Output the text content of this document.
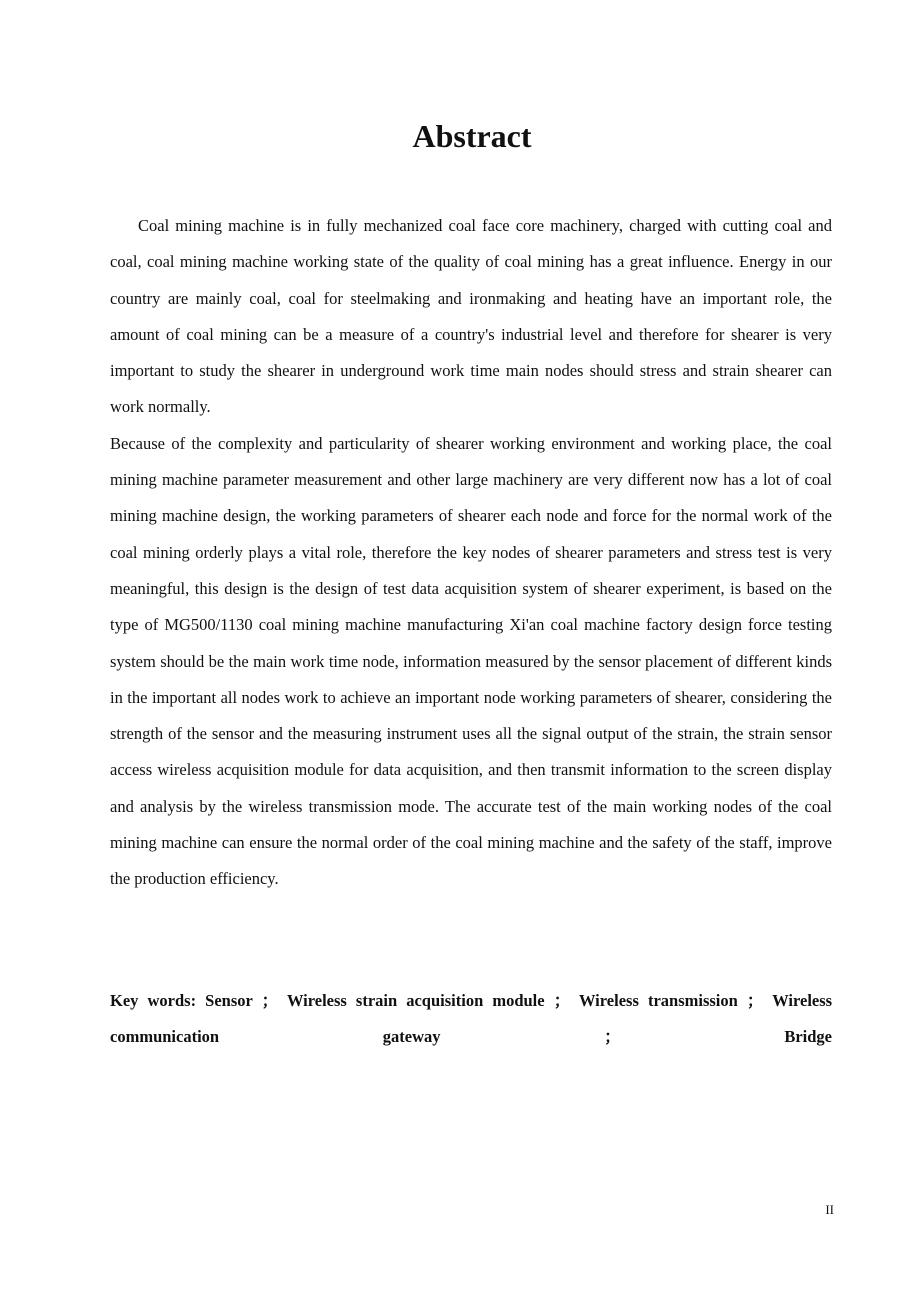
Abstract

Coal mining machine is in fully mechanized coal face core machinery, charged with cutting coal and coal, coal mining machine working state of the quality of coal mining has a great influence. Energy in our country are mainly coal, coal for steelmaking and ironmaking and heating have an important role, the amount of coal mining can be a measure of a country's industrial level and therefore for shearer is very important to study the shearer in underground work time main nodes should stress and strain shearer can work normally.

Because of the complexity and particularity of shearer working environment and working place, the coal mining machine parameter measurement and other large machinery are very different now has a lot of coal mining machine design, the working parameters of shearer each node and force for the normal work of the coal mining orderly plays a vital role, therefore the key nodes of shearer parameters and stress test is very meaningful, this design is the design of test data acquisition system of shearer experiment, is based on the type of MG500/1130 coal mining machine manufacturing Xi'an coal machine factory design force testing system should be the main work time node, information measured by the sensor placement of different kinds in the important all nodes work to achieve an important node working parameters of shearer, considering the strength of the sensor and the measuring instrument uses all the signal output of the strain, the strain sensor access wireless acquisition module for data acquisition, and then transmit information to the screen display and analysis by the wireless transmission mode. The accurate test of the main working nodes of the coal mining machine can ensure the normal order of the coal mining machine and the safety of the staff, improve the production efficiency.

Key words: Sensor ； Wireless strain acquisition module ； Wireless transmission ； Wireless communication gateway	；	Bridge

II
